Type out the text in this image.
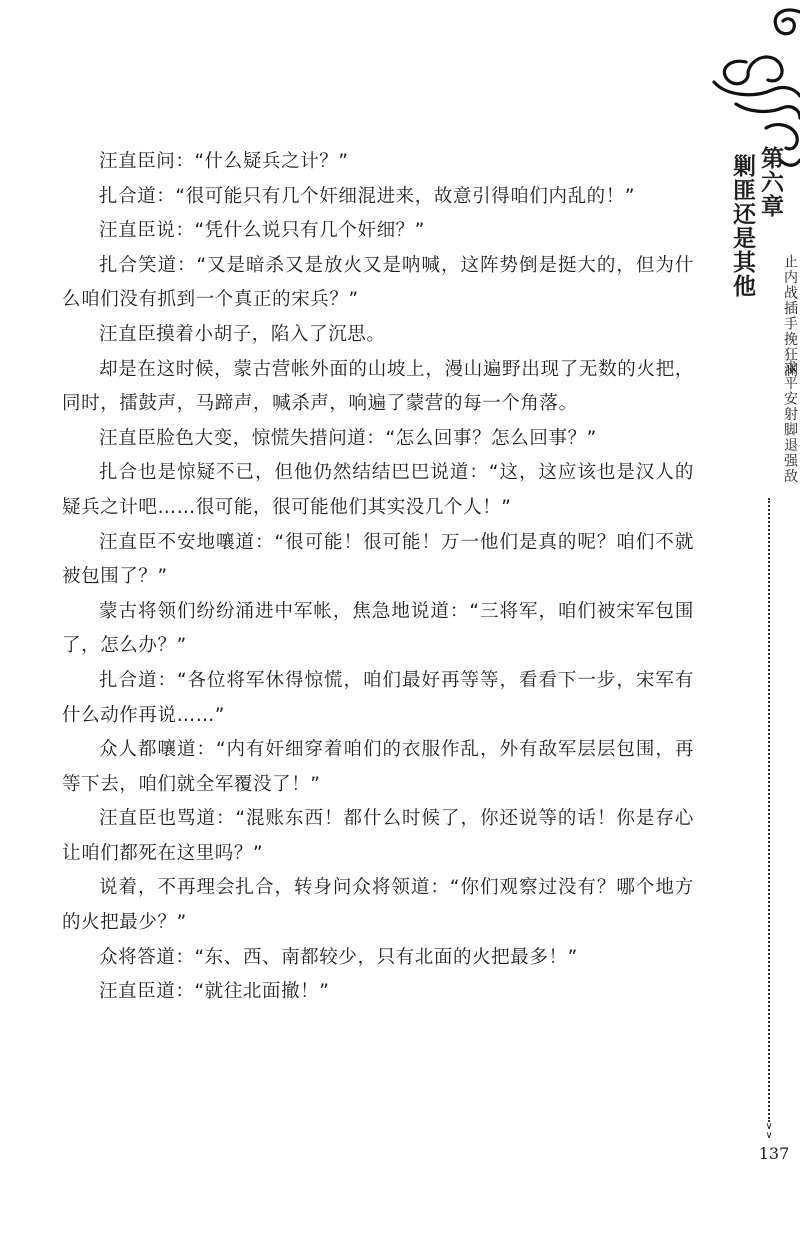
汪直臣问：“什么疑兵之计？”

扎合道：“很可能只有几个奸细混进来，故意引得咱们内乱的！”

汪直臣说：“凭什么说只有几个奸细？”

扎合笑道：“又是暗杀又是放火又是呐喊，这阵势倒是挺大的，但为什么咱们没有抓到一个真正的宋兵？”

汪直臣摸着小胡子，陷入了沉思。

却是在这时候，蒙古营帐外面的山坡上，漫山遍野出现了无数的火把，同时，擂鼓声，马蹄声，喊杀声，响遍了蒙营的每一个角落。

汪直臣脸色大变，惊慌失措问道：“怎么回事？怎么回事？”

扎合也是惊疑不已，但他仍然结结巴巴说道：“这，这应该也是汉人的疑兵之计吧……很可能，很可能他们其实没几个人！”

汪直臣不安地嚷道：“很可能！很可能！万一他们是真的呢？咱们不就被包围了？”

蒙古将领们纷纷涌进中军帐，焦急地说道：“三将军，咱们被宋军包围了，怎么办？”

扎合道：“各位将军休得惊慌，咱们最好再等等，看看下一步，宋军有什么动作再说……”

众人都嚷道：“内有奸细穿着咱们的衣服作乱，外有敌军层层包围，再等下去，咱们就全军覆没了！”

汪直臣也骂道：“混账东西！都什么时候了，你还说等的话！你是存心让咱们都死在这里吗？”

说着，不再理会扎合，转身问众将领道：“你们观察过没有？哪个地方的火把最少？”

众将答道：“东、西、南都较少，只有北面的火把最多！”

汪直臣道：“就往北面撤！”

第六章
剿匪还是其他
止内战插手挽狂澜
求平安射脚退强敌
∨
∨
137
